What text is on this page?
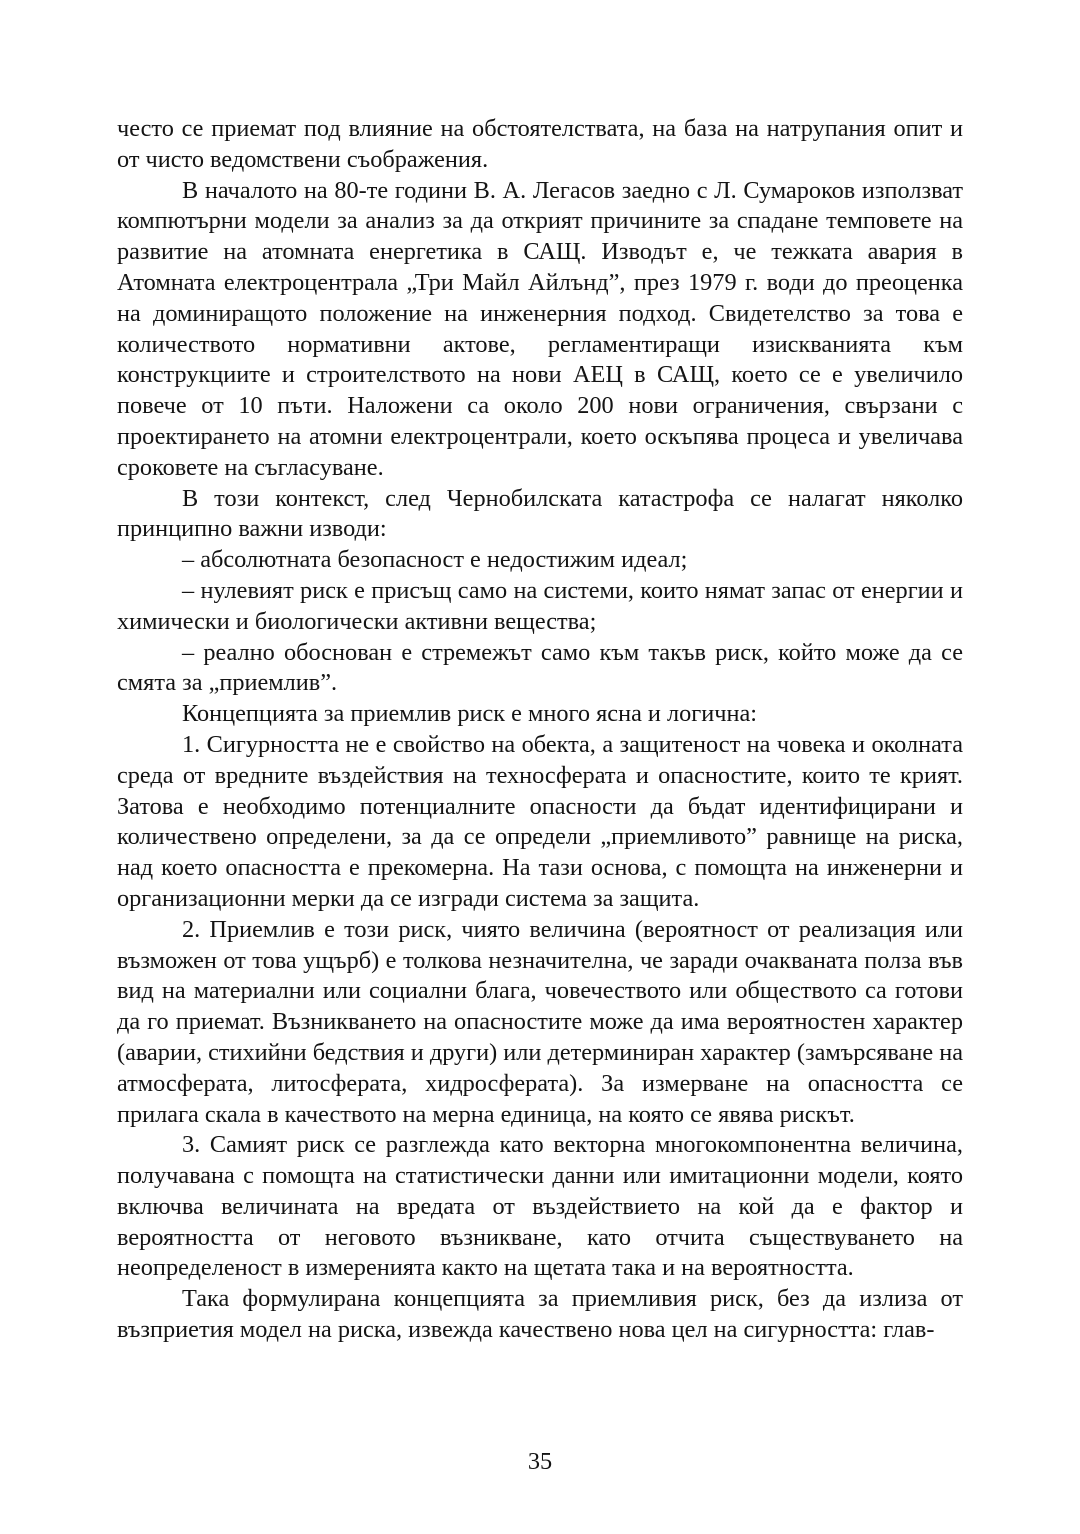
често се приемат под влияние на обстоятелствата, на база на натрупания опит и от чисто ведомствени съображения.

В началото на 80-те години В. А. Легасов заедно с Л. Сумароков използват компютърни модели за анализ за да открият причините за спадане темповете на развитие на атомната енергетика в САЩ. Изводът е, че тежката авария в Атомната електроцентрала „Три Майл Айлънд”, през 1979 г. води до преоценка на доминиращото положение на инженерния подход. Свидетелство за това е количеството нормативни актове, регламентиращи изискванията към конструкциите и строителството на нови АЕЦ в САЩ, което се е увеличило повече от 10 пъти. Наложени са около 200 нови ограничения, свързани с проектирането на атомни електроцентрали, което оскъпява процеса и увеличава сроковете на съгласуване.

В този контекст, след Чернобилската катастрофа се налагат няколко принципно важни изводи:

– абсолютната безопасност е недостижим идеал;

– нулевият риск е присъщ само на системи, които нямат запас от енергии и химически и биологически активни вещества;

– реално обоснован е стремежът само към такъв риск, който може да се смята за „приемлив”.

Концепцията за приемлив риск е много ясна и логична:

1. Сигурността не е свойство на обекта, а защитеност на човека и околната среда от вредните въздействия на техносферата и опасностите, които те крият. Затова е необходимо потенциалните опасности да бъдат идентифицирани и количествено определени, за да се определи „приемливото” равнище на риска, над което опасността е прекомерна. На тази основа, с помощта на инженерни и организационни мерки да се изгради система за защита.

2. Приемлив е този риск, чиято величина (вероятност от реализация или възможен от това ущърб) е толкова незначителна, че заради очакваната полза във вид на материални или социални блага, човечеството или обществото са готови да го приемат. Възникването на опасностите може да има вероятностен характер (аварии, стихийни бедствия и други) или детерминиран характер (замърсяване на атмосферата, литосферата, хидросферата). За измерване на опасността се прилага скала в качеството на мерна единица, на която се явява рискът.

3. Самият риск се разглежда като векторна многокомпонентна величина, получавана с помощта на статистически данни или имитационни модели, която включва величината на вредата от въздействието на кой да е фактор и вероятността от неговото възникване, като отчита съществуването на неопределеност в измеренията както на щетата така и на вероятността.

Така формулирана концепцията за приемливия риск, без да излиза от възприетия модел на риска, извежда качествено нова цел на сигурността: глав-

35
